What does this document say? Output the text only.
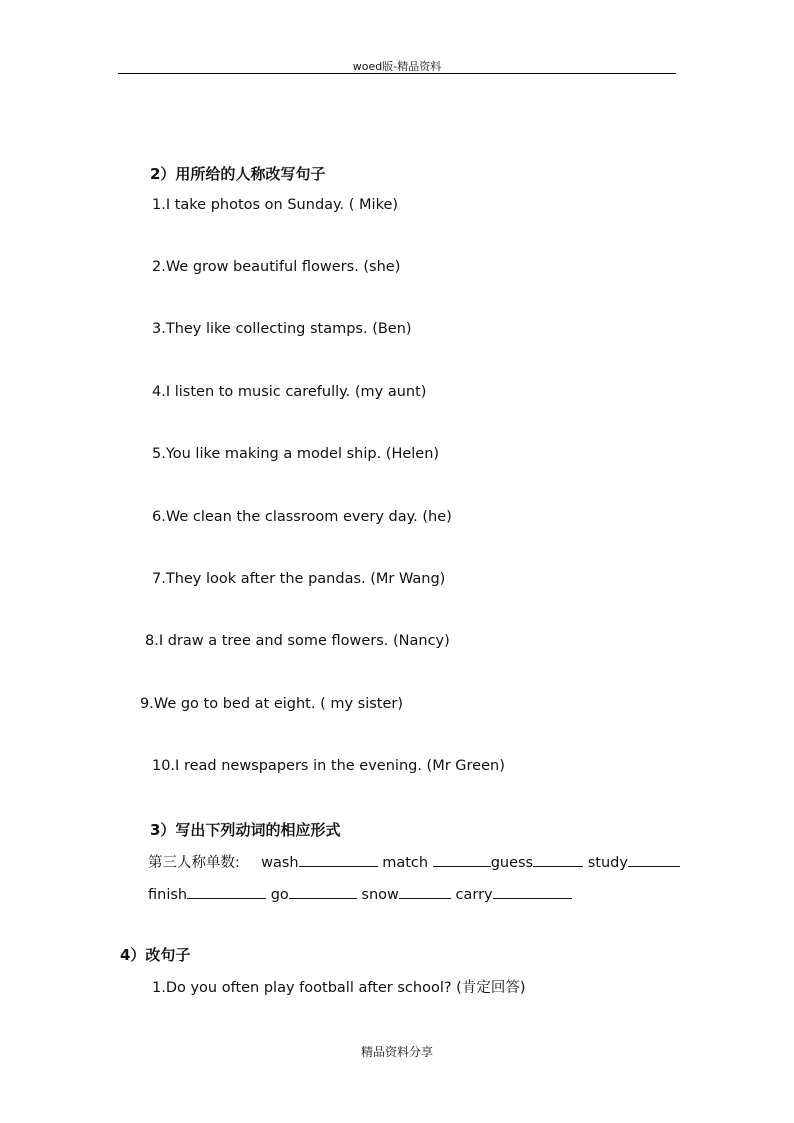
woed版-精品资料
2）用所给的人称改写句子
1.I take photos on Sunday. ( Mike)
2.We grow beautiful flowers. (she)
3.They like collecting stamps. (Ben)
4.I listen to music carefully. (my aunt)
5.You like making a model ship. (Helen)
6.We clean the classroom every day. (he)
7.They look after the pandas. (Mr Wang)
8.I draw a tree and some flowers. (Nancy)
9.We go to bed at eight. ( my sister)
10.I read newspapers in the evening. (Mr Green)
3）写出下列动词的相应形式
第三人称单数: wash	match	guess	study
finish	go	snow	carry
4）改句子
1.Do you often play football after school? (肯定回答)
精品资料分享
